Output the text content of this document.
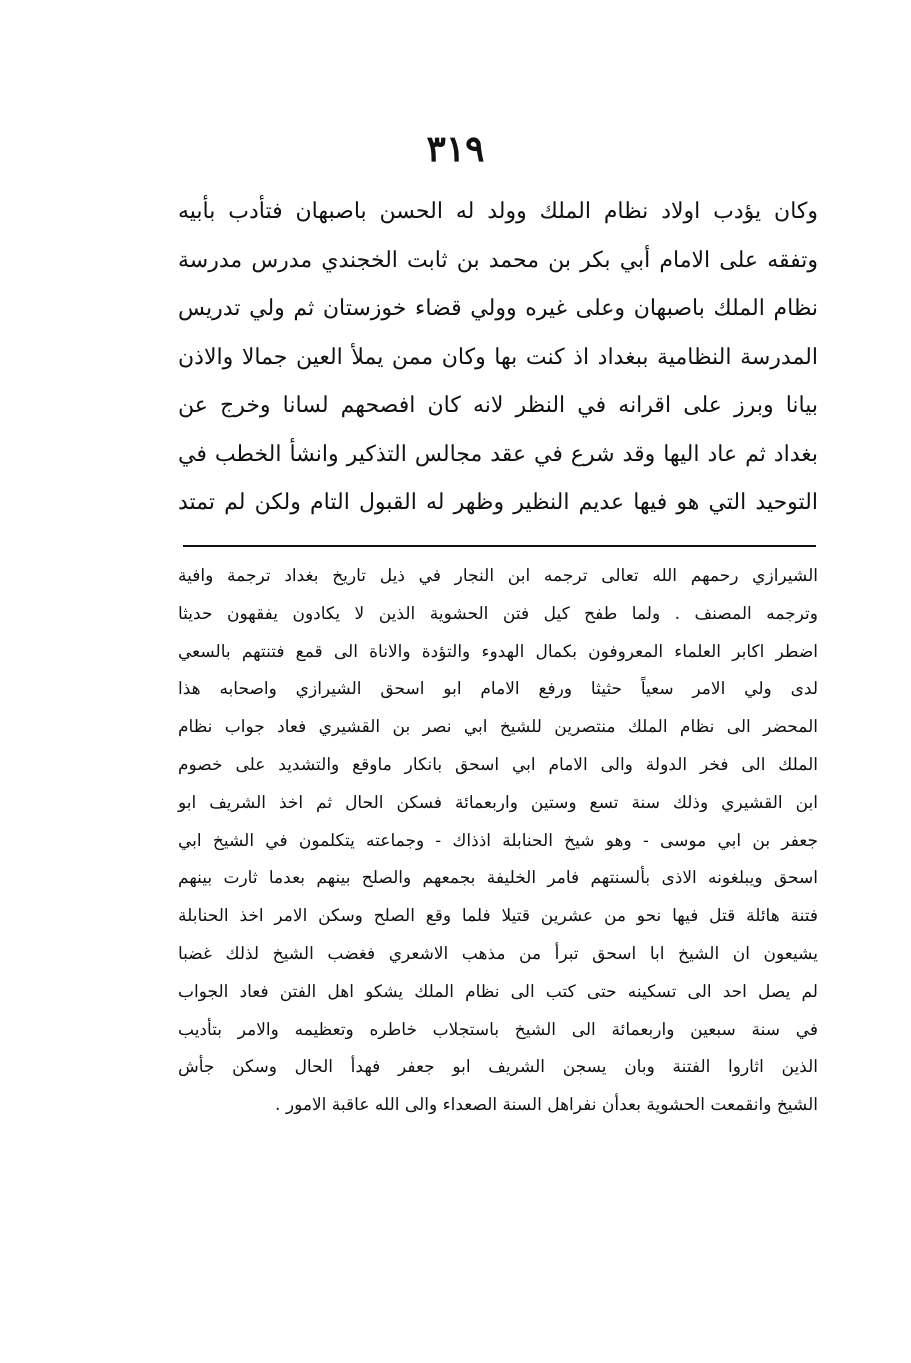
٣١٩
وكان يؤدب اولاد نظام الملك وولد له الحسن باصبهان فتأدب بأبيه
وتفقه على الامام أبي بكر بن محمد بن ثابت الخجندي مدرس مدرسة
نظام الملك باصبهان وعلى غيره وولي قضاء خوزستان ثم ولي تدريس
المدرسة النظامية ببغداد اذ كنت بها وكان ممن يملأ العين جمالا والاذن
بيانا وبرز على اقرانه في النظر لانه كان افصحهم لسانا وخرج عن
بغداد ثم عاد اليها وقد شرع في عقد مجالس التذكير وانشأ الخطب في
التوحيد التي هو فيها عديم النظير وظهر له القبول التام ولكن لم تمتد
الشيرازي رحمهم الله تعالى ترجمه ابن النجار في ذيل تاريخ بغداد ترجمة وافية
وترجمه المصنف . ولما طفح كيل فتن الحشوية الذين لا يكادون يفقهون حديثا
اضطر اكابر العلماء المعروفون بكمال الهدوء والتؤدة والاناة الى قمع فتنتهم بالسعي
لدى ولي الامر سعياً حثيثا ورفع الامام ابو اسحق الشيرازي واصحابه هذا
المحضر الى نظام الملك منتصرين للشيخ ابي نصر بن القشيري فعاد جواب نظام
الملك الى فخر الدولة والى الامام ابي اسحق بانكار ماوقع والتشديد على خصوم
ابن القشيري وذلك سنة تسع وستين واربعمائة فسكن الحال ثم اخذ الشريف ابو
جعفر بن ابي موسى - وهو شيخ الحنابلة اذذاك - وجماعته يتكلمون في الشيخ ابي
اسحق ويبلغونه الاذى بألسنتهم فامر الخليفة بجمعهم والصلح بينهم بعدما ثارت بينهم
فتنة هائلة قتل فيها نحو من عشرين قتيلا فلما وقع الصلح وسكن الامر اخذ الحنابلة
يشيعون ان الشيخ ابا اسحق تبرأ من مذهب الاشعري فغضب الشيخ لذلك غضبا
لم يصل احد الى تسكينه حتى كتب الى نظام الملك يشكو اهل الفتن فعاد الجواب
في سنة سبعين واربعمائة الى الشيخ باستجلاب خاطره وتعظيمه والامر بتأديب
الذين اثاروا الفتنة وبان يسجن الشريف ابو جعفر فهدأ الحال وسكن جأش
الشيخ وانقمعت الحشوية بعدأن نفراهل السنة الصعداء والى الله عاقبة الامور .
